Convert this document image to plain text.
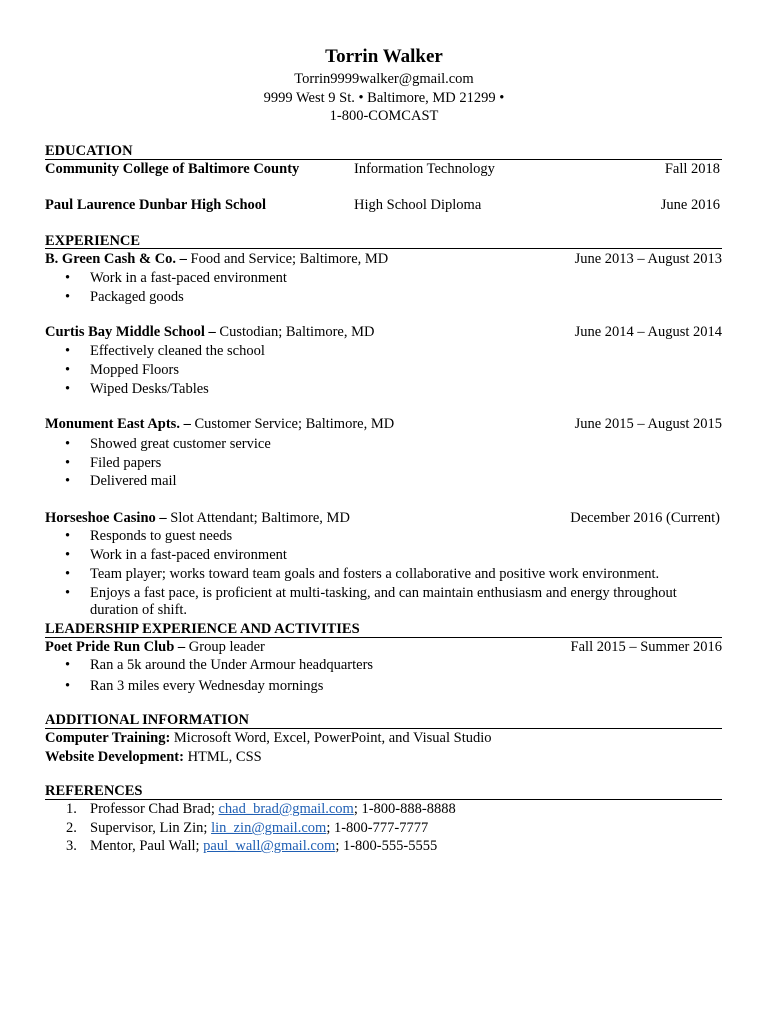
Torrin Walker
Torrin9999walker@gmail.com
9999 West 9 St. • Baltimore, MD 21299 •
1-800-COMCAST
EDUCATION
Community College of Baltimore County	Information Technology	Fall 2018
Paul Laurence Dunbar High School	High School Diploma	June 2016
EXPERIENCE
B. Green Cash & Co. – Food and Service; Baltimore, MD	June 2013 – August 2013
• Work in a fast-paced environment
• Packaged goods
Curtis Bay Middle School – Custodian; Baltimore, MD	June 2014 – August 2014
• Effectively cleaned the school
• Mopped Floors
• Wiped Desks/Tables
Monument East Apts. – Customer Service; Baltimore, MD	June 2015 – August 2015
• Showed great customer service
• Filed papers
• Delivered mail
Horseshoe Casino – Slot Attendant; Baltimore, MD	December 2016 (Current)
• Responds to guest needs
• Work in a fast-paced environment
• Team player; works toward team goals and fosters a collaborative and positive work environment.
• Enjoys a fast pace, is proficient at multi-tasking, and can maintain enthusiasm and energy throughout
duration of shift.
LEADERSHIP EXPERIENCE AND ACTIVITIES
Poet Pride Run Club – Group leader	Fall 2015 – Summer 2016
• Ran a 5k around the Under Armour headquarters
• Ran 3 miles every Wednesday mornings
ADDITIONAL INFORMATION
Computer Training: Microsoft Word, Excel, PowerPoint, and Visual Studio
Website Development: HTML, CSS
REFERENCES
1. Professor Chad Brad; chad_brad@gmail.com; 1-800-888-8888
2. Supervisor, Lin Zin; lin_zin@gmail.com; 1-800-777-7777
3. Mentor, Paul Wall; paul_wall@gmail.com; 1-800-555-5555
